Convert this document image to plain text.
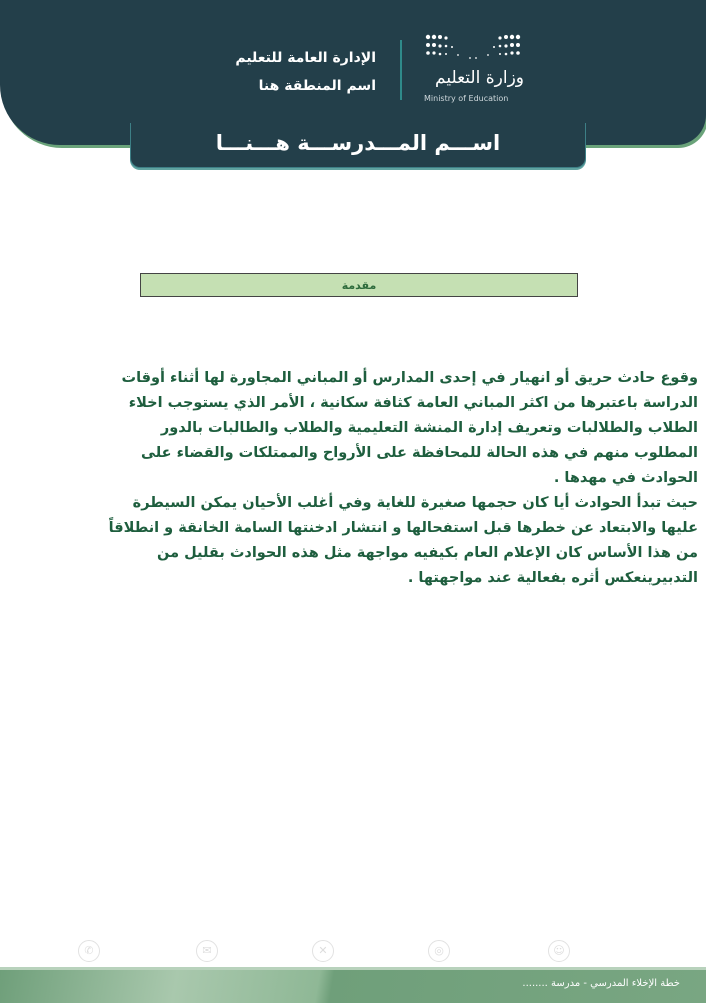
وزارة التعليم
Ministry of Education
الإدارة العامة للتعليم
اسم المنطقة هنا
اســـم المـــدرســـة هـــنـــا
مقدمة

وقوع حادث حريق أو انهيار في إحدى المدارس أو المباني المجاورة لها أثناء أوقات الدراسة باعتبرها من اكثر المباني العامة كثافة سكانية ، الأمر الذي يستوجب اخلاء الطلاب والطلالبات وتعريف إدارة المنشة التعليمية والطلاب والطالبات بالدور المطلوب منهم في هذه الحالة للمحافظة على الأرواح والممتلكات والقضاء على الحوادث في مهدها .

حيث تبدأ الحوادث أيا كان حجمها صغيرة للغاية وفي أغلب الأحيان يمكن السيطرة عليها والابتعاد عن خطرها قبل استفحالها و انتشار ادخنتها السامة الخانقة و انطلاقاً من هذا الأساس كان الإعلام العام بكيفيه مواجهة مثل هذه الحوادث بقليل من التدبيرينعكس أثره بفعالية عند مواجهتها .

✆	✉	✕	◎	☺
خطة الإخلاء المدرسي - مدرسة ........
